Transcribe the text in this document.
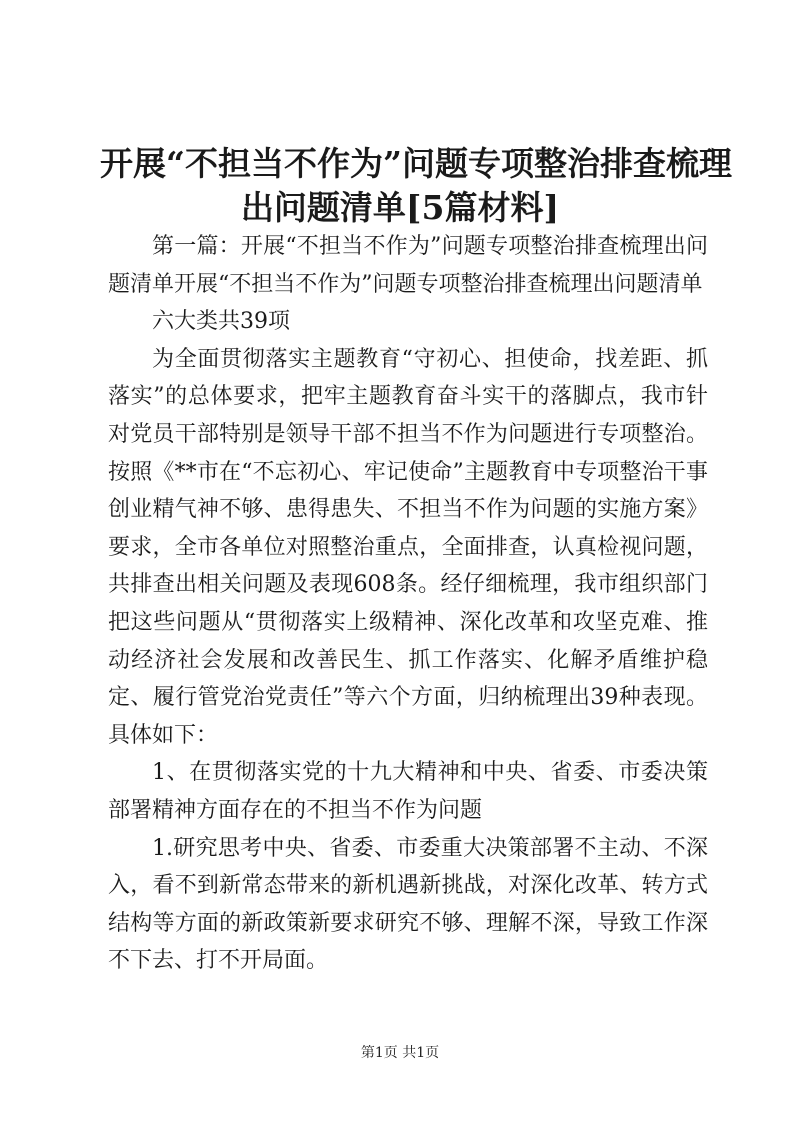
开展“不担当不作为”问题专项整治排查梳理
出问题清单[5篇材料]

第一篇：开展“不担当不作为”问题专项整治排查梳理出问题清单开展“不担当不作为”问题专项整治排查梳理出问题清单

六大类共39项

为全面贯彻落实主题教育“守初心、担使命，找差距、抓落实”的总体要求，把牢主题教育奋斗实干的落脚点，我市针对党员干部特别是领导干部不担当不作为问题进行专项整治。按照《**市在“不忘初心、牢记使命”主题教育中专项整治干事创业精气神不够、患得患失、不担当不作为问题的实施方案》要求，全市各单位对照整治重点，全面排查，认真检视问题，共排查出相关问题及表现608条。经仔细梳理，我市组织部门把这些问题从“贯彻落实上级精神、深化改革和攻坚克难、推动经济社会发展和改善民生、抓工作落实、化解矛盾维护稳定、履行管党治党责任”等六个方面，归纳梳理出39种表现。具体如下：

1、在贯彻落实党的十九大精神和中央、省委、市委决策部署精神方面存在的不担当不作为问题

1.研究思考中央、省委、市委重大决策部署不主动、不深入，看不到新常态带来的新机遇新挑战，对深化改革、转方式结构等方面的新政策新要求研究不够、理解不深，导致工作深不下去、打不开局面。

第1页 共1页
